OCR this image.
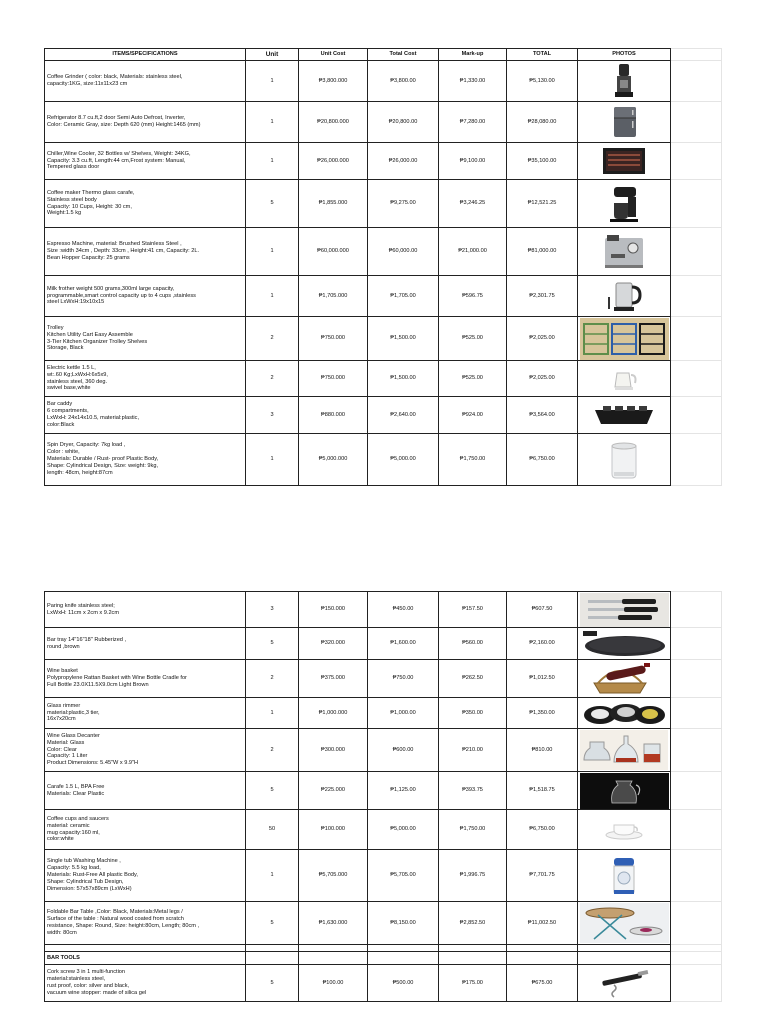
ITEMS/SPECIFICATIONS	Unit	Unit Cost	Total Cost	Mark-up	TOTAL	PHOTOS	
Coffee Grinder ( color: black, Materials: stainless steel,
capacity:1KG, size:11x11x23 cm	1	₱3,800.000	₱3,800.00	₱1,330.00	₱5,130.00	

Refrigerator 8.7 cu.ft,2 door Semi Auto Defrost, Inverter,
Color: Ceramic Gray, size: Depth 620 (mm) Height:1465 (mm)	1	₱20,800.000	₱20,800.00	₱7,280.00	₱28,080.00	

Chiller,Wine Cooler, 32 Bottles w/ Shelves, Weight: 34KG,
Capacity: 3.3 cu.ft, Length:44 cm,Frost system: Manual,
Tempered glass door	1	₱26,000.000	₱26,000.00	₱9,100.00	₱35,100.00	

Coffee maker Thermo glass carafe,
Stainless steel body
Capacity: 10 Cups, Height: 30 cm,
Weight:1.5 kg	5	₱1,855.000	₱9,275.00	₱3,246.25	₱12,521.25	

Espresso Machine, material: Brushed Stainless Steel ,
Size :width 34cm , Depth: 33cm , Height:41 cm, Capacity: 2L.
Bean Hopper Capacity: 25 grams	1	₱60,000.000	₱60,000.00	₱21,000.00	₱81,000.00	

Milk frother weight 500 grams,300ml large capacity,
programmable,smart control capacity up to 4 cups ,stainless
steel LxWxH:19x10x15	1	₱1,705.000	₱1,705.00	₱596.75	₱2,301.75	

Trolley
Kitchen Utility Cart Easy Assemble
3-Tier Kitchen Organizer Trolley Shelves
Storage, Black	2	₱750.000	₱1,500.00	₱525.00	₱2,025.00	

Electric kettle 1.5 L,
wt:.60 Kg;LxWxH:6x5x9,
stainless steel, 360 deg.
swivel base,white	2	₱750.000	₱1,500.00	₱525.00	₱2,025.00	

Bar caddy
6 compartments,
LxWxH: 24x14x10.5, material:plastic,
color:Black	3	₱880.000	₱2,640.00	₱924.00	₱3,564.00	

Spin Dryer, Capacity: 7kg load ,
Color : white,
Materials: Durable / Rust- proof Plastic Body,
Shape: Cylindrical Design, Size: weight: 9kg,
length: 48cm, height:87cm	1	₱5,000.000	₱5,000.00	₱1,750.00	₱6,750.00	

Paring knife stainless steel;
LxWxH: 11cm x 2cm x 9.2cm	3	₱150.000	₱450.00	₱157.50	₱607.50	

Bar tray 14"16"18" Rubberized ,
round ,brown	5	₱320.000	₱1,600.00	₱560.00	₱2,160.00	

Wine basket
Polypropylene Rattan Basket with Wine Bottle Cradle for
Full Bottle 23.0X11.5X9.0cm Light Brown	2	₱375.000	₱750.00	₱262.50	₱1,012.50	

Glass rimmer
material:plastic,3 tier,
16x7x20cm	1	₱1,000.000	₱1,000.00	₱350.00	₱1,350.00	

Wine Glass Decanter
Material: Glass
Color: Clear
Capacity: 1 Liter
Product Dimensions: 5.45"W x 9.9"H	2	₱300.000	₱600.00	₱210.00	₱810.00	

Carafe 1.5 L, BPA Free
Materials: Clear Plastic	5	₱225.000	₱1,125.00	₱393.75	₱1,518.75	

Coffee cups and saucers
material: ceramic
mug capacity:160 ml,
color:white	50	₱100.000	₱5,000.00	₱1,750.00	₱6,750.00	

Single tub Washing Machine ,
Capacity: 5.5 kg load,
Materials: Rust-Free All plastic Body,
Shape: Cylindrical Tub Design,
Dimension: 57x57x89cm (LxWxH)	1	₱5,705.000	₱5,705.00	₱1,996.75	₱7,701.75	

Foldable Bar Table ,Color: Black, Materials:Metal legs /
Surface of the table : Natural wood coated from scratch
resistance, Shape: Round, Size: height:80cm, Length; 80cm ,
width: 80cm	5	₱1,630.000	₱8,150.00	₱2,852.50	₱11,002.50	

BAR TOOLS							
Cork screw 3 in 1 multi-function
material:stainless steel,
rust proof, color: silver and black,
vacuum wine stopper: made of silica gel	5	₱100.00	₱500.00	₱175.00	₱675.00	
